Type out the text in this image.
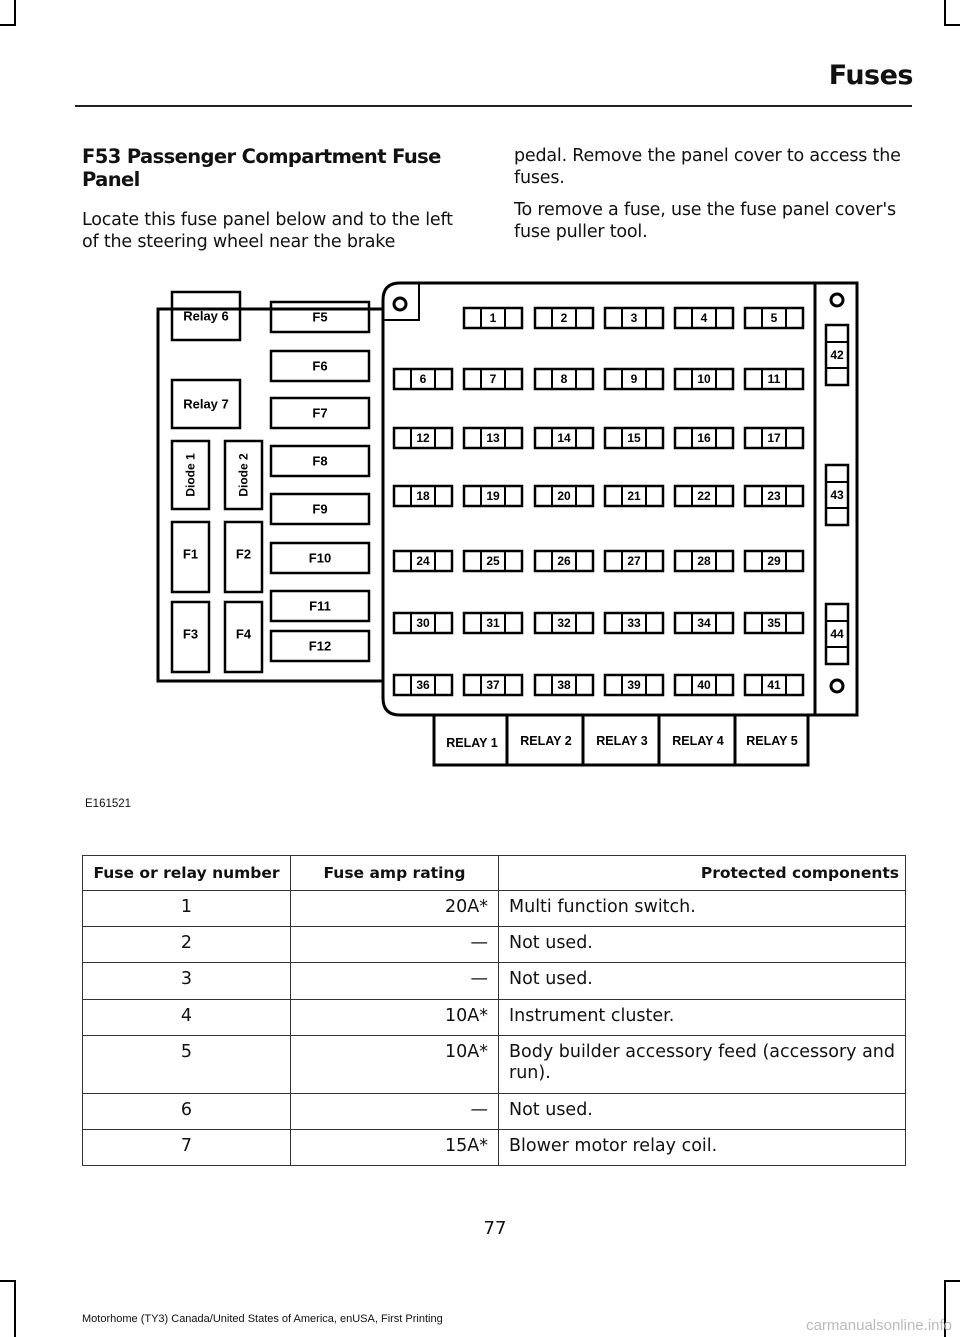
Fuses
F53 Passenger Compartment Fuse Panel

Locate this fuse panel below and to the left of the steering wheel near the brake

pedal. Remove the panel cover to access the fuses.

To remove a fuse, use the fuse panel cover's fuse puller tool.

Relay 6
Relay 7
Diode 1	Diode 2
F1	F2
F3	F4
F5
F6
F7
F8
F9
F10
F11
F12
1	2	3	4	5
6	7	8	9	10	11
12	13	14	15	16	17
18	19	20	21	22	23
24	25	26	27	28	29
30	31	32	33	34	35
36	37	38	39	40	41
42
43
44
RELAY 1 RELAY 2 RELAY 3 RELAY 4 RELAY 5
E161521
Fuse or relay number	Fuse amp rating	Protected components
1	20A*	Multi function switch.
2	—	Not used.
3	—	Not used.
4	10A*	Instrument cluster.
5	10A*	Body builder accessory feed (accessory and run).
6	—	Not used.
7	15A*	Blower motor relay coil.
77
Motorhome (TY3) Canada/United States of America, enUSA, First Printing	carmanualsonline.info
